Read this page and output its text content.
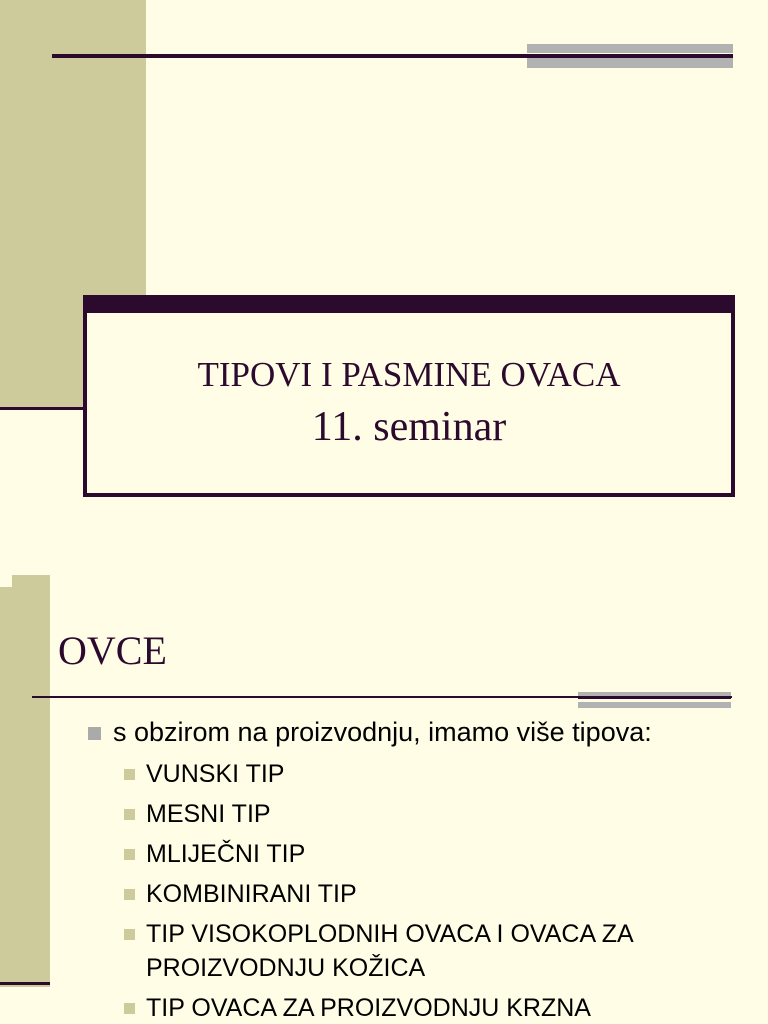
TIPOVI I PASMINE OVACA
11. seminar
OVCE
s obzirom na proizvodnju, imamo više tipova:
VUNSKI TIP
MESNI TIP
MLIJEČNI TIP
KOMBINIRANI TIP
TIP VISOKOPLODNIH OVACA I OVACA ZA PROIZVODNJU KOŽICA
TIP OVACA ZA PROIZVODNJU KRZNA
